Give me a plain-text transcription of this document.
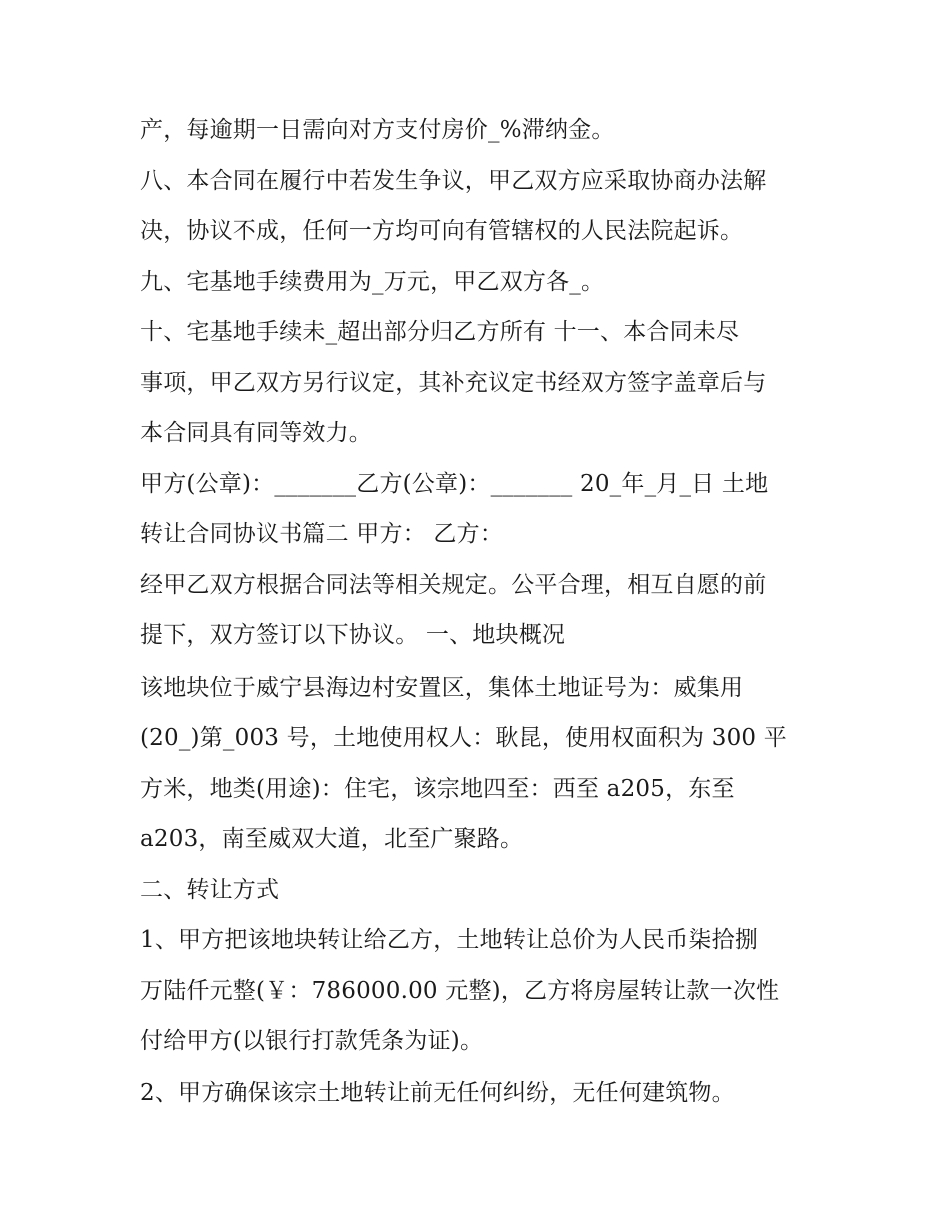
产，每逾期一日需向对方支付房价_%滞纳金。
八、本合同在履行中若发生争议，甲乙双方应采取协商办法解
决，协议不成，任何一方均可向有管辖权的人民法院起诉。
九、宅基地手续费用为_万元，甲乙双方各_。
十、宅基地手续未_超出部分归乙方所有 十一、本合同未尽
事项，甲乙双方另行议定，其补充议定书经双方签字盖章后与
本合同具有同等效力。
甲方(公章)：_______乙方(公章)：_______ 20_年_月_日 土地
转让合同协议书篇二 甲方： 乙方：
经甲乙双方根据合同法等相关规定。公平合理，相互自愿的前
提下，双方签订以下协议。 一、地块概况
该地块位于威宁县海边村安置区，集体土地证号为：威集用
(20_)第_003 号，土地使用权人：耿昆，使用权面积为 300 平
方米，地类(用途)：住宅，该宗地四至：西至 a205，东至
a203，南至威双大道，北至广聚路。
二、转让方式
1、甲方把该地块转让给乙方，土地转让总价为人民币柒拾捌
万陆仟元整(￥：786000.00 元整)，乙方将房屋转让款一次性
付给甲方(以银行打款凭条为证)。
2、甲方确保该宗土地转让前无任何纠纷，无任何建筑物。
